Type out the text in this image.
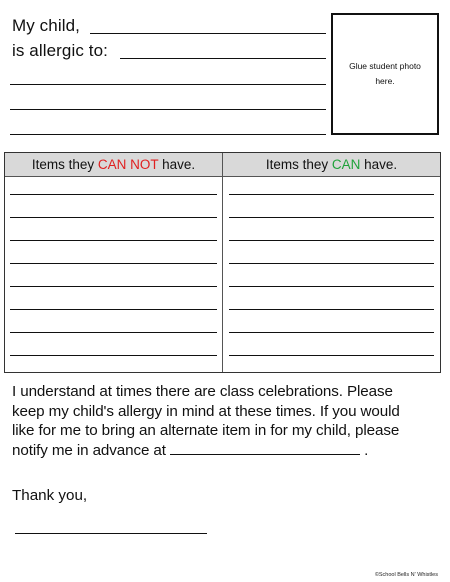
My child,
is allergic to:
Glue student photo here.
Items they CAN NOT have.	Items they CAN have.
I understand at times there are class celebrations. Please
keep my child's allergy in mind at these times. If you would
like for me to bring an alternate item in for my child, please
notify me in advance at	.
Thank you,
©School Bells N' Whistles
